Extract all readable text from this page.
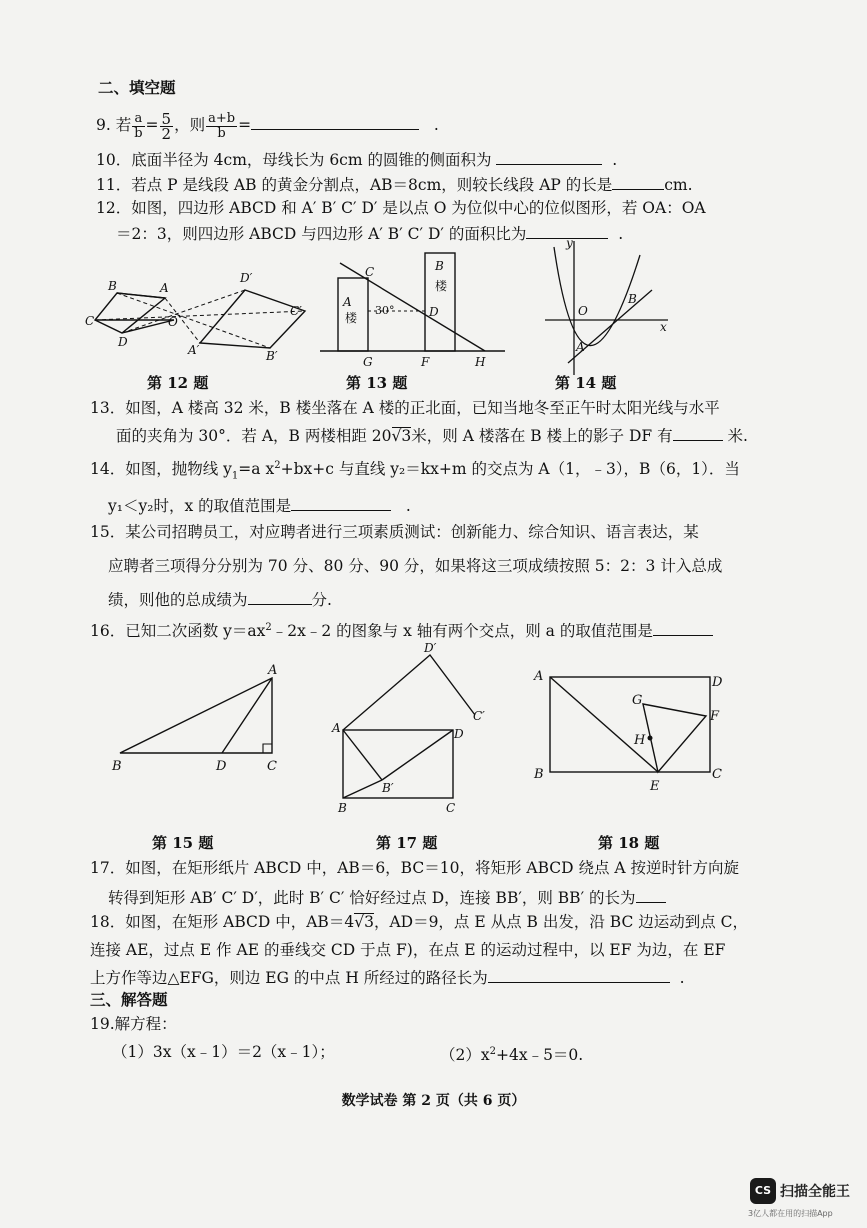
二、填空题
9. 若 $\frac{a}{b} = \frac{5}{2}$ ，则 $\frac{a+b}{b}$ =	.
10．底面半径为 4cm，母线长为 6cm 的圆锥的侧面积为	.
11．若点 P 是线段 AB 的黄金分割点，AB＝8cm，则较长线段 AP 的长是	cm.
12．如图，四边形 ABCD 和 A′ B′ C′ D′ 是以点 O 为位似中心的位似图形，若 OA：OA
＝2：3，则四边形 ABCD 与四边形 A′ B′ C′ D′ 的面积比为	.
B	A
C	O
D
D′
C′
A′	B′
C
A
楼
30°
B
楼
D
G	F	H
y
O
B
x
A
第 12 题	第 13 题	第 14 题
13．如图，A 楼高 32 米，B 楼坐落在 A 楼的正北面，已知当地冬至正午时太阳光线与水平
面的夹角为 30°．若 A，B 两楼相距 20√3米，则 A 楼落在 B 楼上的影子 DF 有	米.
14．如图，抛物线 $y_1=a$ $x^2+bx+c$ 与直线 y₂＝kx+m 的交点为 A（1，﹣3），B（6，1）．当
y₁＜y₂时，x 的取值范围是	.
15．某公司招聘员工，对应聘者进行三项素质测试：创新能力、综合知识、语言表达，某
应聘者三项得分分别为 70 分、80 分、90 分，如果将这三项成绩按照 5：2：3 计入总成
绩，则他的总成绩为	分.
16．已知二次函数 $y=ax^2﹣2x﹣2$ 的图象与 x 轴有两个交点，则 a 的取值范围是
A
B	D	C
D′
A	D
C′
B′
B	C
A	D
G
F
H
B
E
C
第 15 题	第 17 题	第 18 题
17．如图，在矩形纸片 ABCD 中，AB＝6，BC＝10，将矩形 ABCD 绕点 A 按逆时针方向旋
转得到矩形 AB′ C′ D′，此时 B′ C′ 恰好经过点 D，连接 BB′，则 BB′ 的长为
18．如图，在矩形 ABCD 中，AB＝4√3，AD＝9，点 E 从点 B 出发，沿 BC 边运动到点 C，
连接 AE，过点 E 作 AE 的垂线交 CD 于点 F)，在点 E 的运动过程中，以 EF 为边，在 EF
上方作等边△EFG，则边 EG 的中点 H 所经过的路径长为	.
三、解答题
19.解方程：
（1）3x（x﹣1）＝2（x﹣1）；	$(2)x^2+4x﹣5=0$.
数学试卷 第 2 页（共 6 页）
CS 扫描全能王
3亿人都在用的扫描App
